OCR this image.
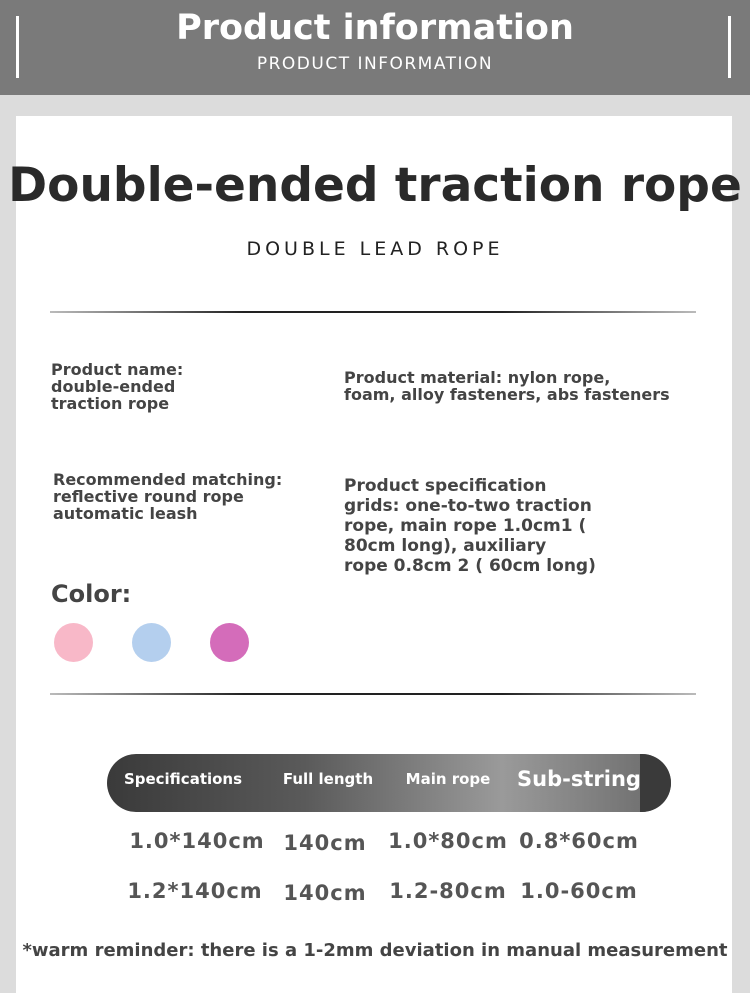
Product information
PRODUCT INFORMATION
Double-ended traction rope
DOUBLE LEAD ROPE
Product name:
double-ended
traction rope
Product material: nylon rope,
foam, alloy fasteners, abs fasteners
Recommended matching:
reflective round rope
automatic leash
Product specification
grids: one-to-two traction
rope, main rope 1.0cm1 (
80cm long), auxiliary
rope 0.8cm 2 ( 60cm long)
Color:
Specifications	Full length	Main rope	Sub-string
1.0*140cm 140cm	1.0*80cm 0.8*60cm
1.2*140cm 140cm	1.2-80cm 1.0-60cm
*warm reminder: there is a 1-2mm deviation in manual measurement
